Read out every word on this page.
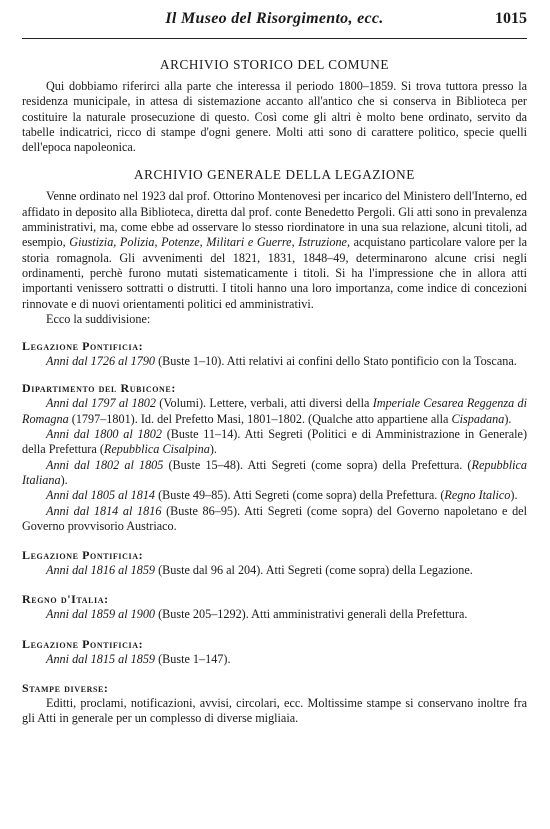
Il Museo del Risorgimento, ecc.	1015
ARCHIVIO STORICO DEL COMUNE

Qui dobbiamo riferirci alla parte che interessa il periodo 1800–1859. Si trova tuttora presso la residenza municipale, in attesa di sistemazione accanto all'antico che si conserva in Biblioteca per costituire la naturale prosecuzione di questo. Così come gli altri è molto bene ordinato, servito da tabelle indicatrici, ricco di stampe d'ogni genere. Molti atti sono di carattere politico, specie quelli dell'epoca napoleonica.

ARCHIVIO GENERALE DELLA LEGAZIONE

Venne ordinato nel 1923 dal prof. Ottorino Montenovesi per incarico del Ministero dell'Interno, ed affidato in deposito alla Biblioteca, diretta dal prof. conte Benedetto Pergoli. Gli atti sono in prevalenza amministrativi, ma, come ebbe ad osservare lo stesso riordinatore in una sua relazione, alcuni titoli, ad esempio, Giustizia, Polizia, Potenze, Militari e Guerre, Istruzione, acquistano particolare valore per la storia romagnola. Gli avvenimenti del 1821, 1831, 1848–49, determinarono alcune crisi negli ordinamenti, perchè furono mutati sistematicamente i titoli. Si ha l'impressione che in allora atti importanti venissero sottratti o distrutti. I titoli hanno una loro importanza, come indice di concezioni rinnovate e di nuovi orientamenti politici ed amministrativi.

Ecco la suddivisione:

Legazione Pontificia:

Anni dal 1726 al 1790 (Buste 1–10). Atti relativi ai confini dello Stato pontificio con la Toscana.

Dipartimento del Rubicone:

Anni dal 1797 al 1802 (Volumi). Lettere, verbali, atti diversi della Imperiale Cesarea Reggenza di Romagna (1797–1801). Id. del Prefetto Masi, 1801–1802. (Qualche atto appartiene alla Cispadana).

Anni dal 1800 al 1802 (Buste 11–14). Atti Segreti (Politici e di Amministrazione in Generale) della Prefettura (Repubblica Cisalpina).

Anni dal 1802 al 1805 (Buste 15–48). Atti Segreti (come sopra) della Prefettura. (Repubblica Italiana).

Anni dal 1805 al 1814 (Buste 49–85). Atti Segreti (come sopra) della Prefettura. (Regno Italico).

Anni dal 1814 al 1816 (Buste 86–95). Atti Segreti (come sopra) del Governo napoletano e del Governo provvisorio Austriaco.

Legazione Pontificia:

Anni dal 1816 al 1859 (Buste dal 96 al 204). Atti Segreti (come sopra) della Legazione.

Regno d'Italia:

Anni dal 1859 al 1900 (Buste 205–1292). Atti amministrativi generali della Prefettura.

Legazione Pontificia:

Anni dal 1815 al 1859 (Buste 1–147).

Stampe diverse:

Editti, proclami, notificazioni, avvisi, circolari, ecc. Moltissime stampe si conservano inoltre fra gli Atti in generale per un complesso di diverse migliaia.
